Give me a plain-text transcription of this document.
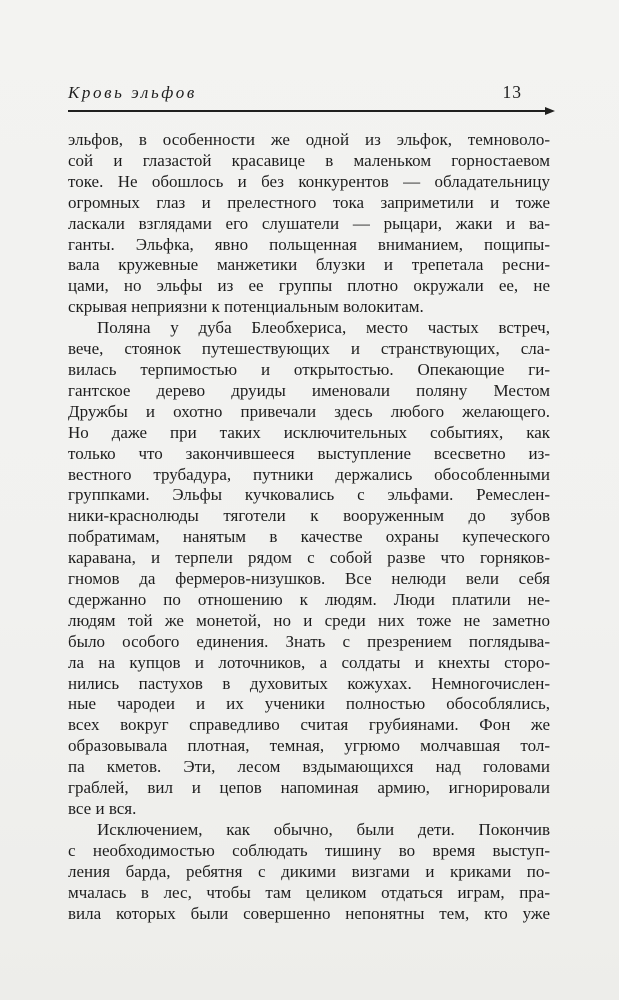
Кровь эльфов	13
эльфов, в особенности же одной из эльфок, темноволо-
сой и глазастой красавице в маленьком горностаевом
токе. Не обошлось и без конкурентов — обладательницу
огромных глаз и прелестного тока заприметили и тоже
ласкали взглядами его слушатели — рыцари, жаки и ва-
ганты. Эльфка, явно польщенная вниманием, пощипы-
вала кружевные манжетики блузки и трепетала ресни-
цами, но эльфы из ее группы плотно окружали ее, не
скрывая неприязни к потенциальным волокитам.
Поляна у дуба Блеобхериса, место частых встреч,
вече, стоянок путешествующих и странствующих, сла-
вилась терпимостью и открытостью. Опекающие ги-
гантское дерево друиды именовали поляну Местом
Дружбы и охотно привечали здесь любого желающего.
Но даже при таких исключительных событиях, как
только что закончившееся выступление всесветно из-
вестного трубадура, путники держались обособленными
группками. Эльфы кучковались с эльфами. Ремеслен-
ники-краснолюды тяготели к вооруженным до зубов
побратимам, нанятым в качестве охраны купеческого
каравана, и терпели рядом с собой разве что горняков-
гномов да фермеров-низушков. Все нелюди вели себя
сдержанно по отношению к людям. Люди платили не-
людям той же монетой, но и среди них тоже не заметно
было особого единения. Знать с презрением поглядыва-
ла на купцов и лоточников, а солдаты и кнехты сторо-
нились пастухов в духовитых кожухах. Немногочислен-
ные чародеи и их ученики полностью обособлялись,
всех вокруг справедливо считая грубиянами. Фон же
образовывала плотная, темная, угрюмо молчавшая тол-
па кметов. Эти, лесом вздымающихся над головами
граблей, вил и цепов напоминая армию, игнорировали
все и вся.
Исключением, как обычно, были дети. Покончив
с необходимостью соблюдать тишину во время выступ-
ления барда, ребятня с дикими визгами и криками по-
мчалась в лес, чтобы там целиком отдаться играм, пра-
вила которых были совершенно непонятны тем, кто уже
